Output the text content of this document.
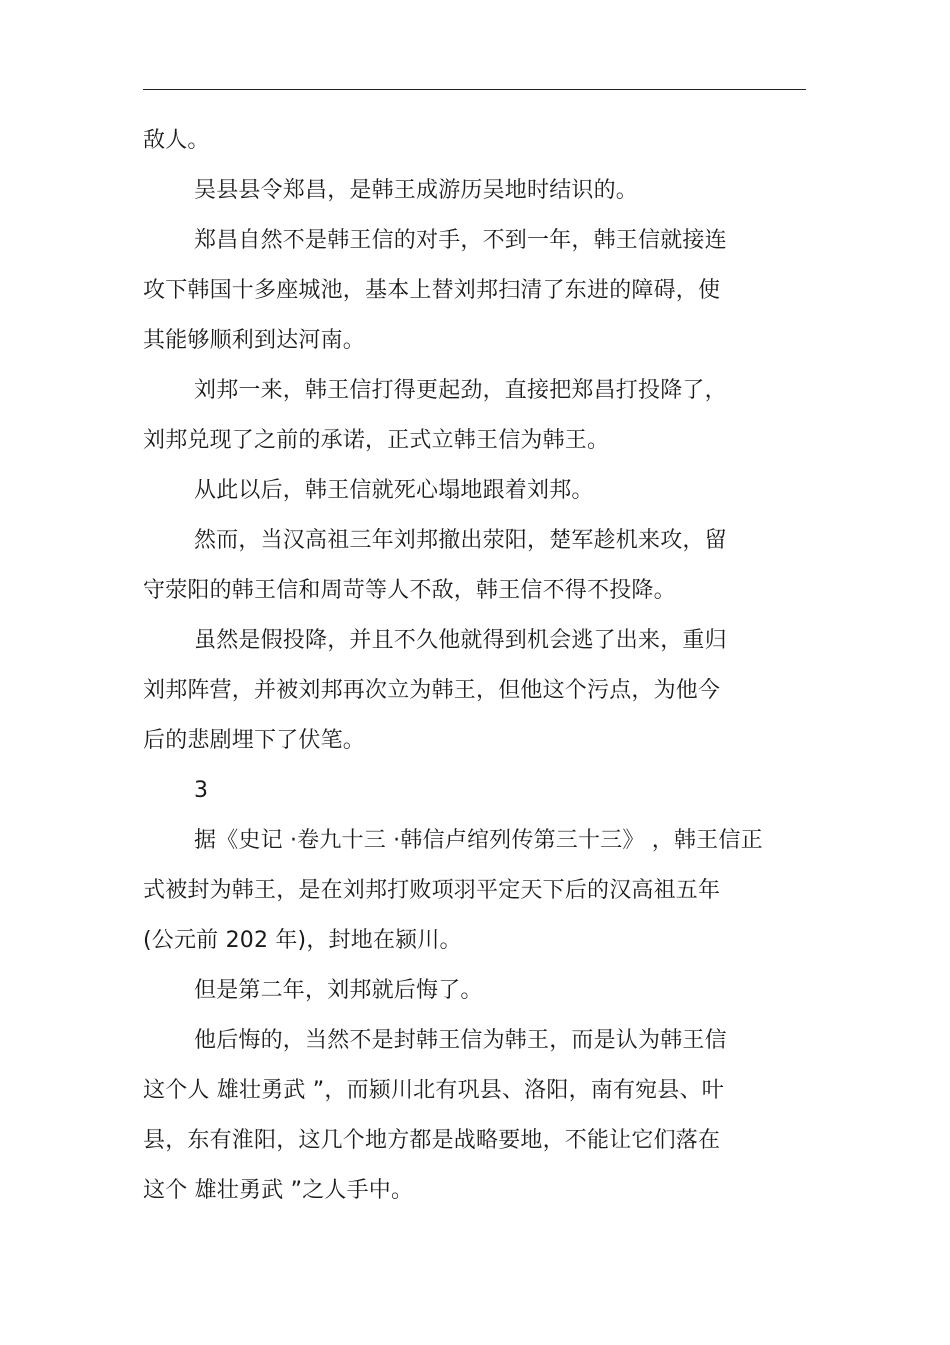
敌人。
吴县县令郑昌，是韩王成游历吴地时结识的。
郑昌自然不是韩王信的对手，不到一年，韩王信就接连
攻下韩国十多座城池，基本上替刘邦扫清了东进的障碍，使
其能够顺利到达河南。
刘邦一来，韩王信打得更起劲，直接把郑昌打投降了，
刘邦兑现了之前的承诺，正式立韩王信为韩王。
从此以后，韩王信就死心塌地跟着刘邦。
然而，当汉高祖三年刘邦撤出荥阳，楚军趁机来攻，留
守荥阳的韩王信和周苛等人不敌，韩王信不得不投降。
虽然是假投降，并且不久他就得到机会逃了出来，重归
刘邦阵营，并被刘邦再次立为韩王，但他这个污点，为他今
后的悲剧埋下了伏笔。
3
据《史记 ·卷九十三 ·韩信卢绾列传第三十三》 ，韩王信正
式被封为韩王，是在刘邦打败项羽平定天下后的汉高祖五年
(公元前 202 年)，封地在颍川。
但是第二年，刘邦就后悔了。
他后悔的，当然不是封韩王信为韩王，而是认为韩王信
这个人 雄壮勇武 ”，而颍川北有巩县、洛阳，南有宛县、叶
县，东有淮阳，这几个地方都是战略要地，不能让它们落在
这个 雄壮勇武 ”之人手中。
